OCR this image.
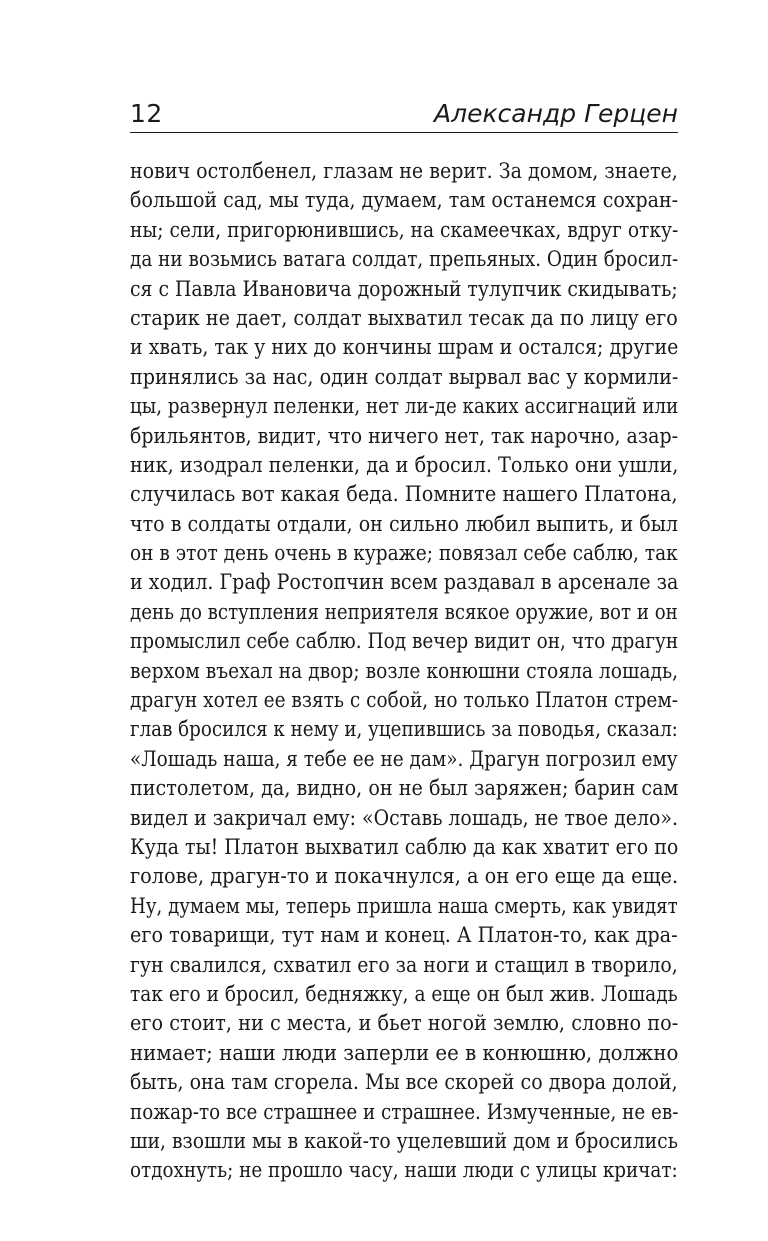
12	Александр Герцен
нович остолбенел, глазам не верит. За домом, знаете,
большой сад, мы туда, думаем, там останемся сохран-
ны; сели, пригорюнившись, на скамеечках, вдруг отку-
да ни возьмись ватага солдат, препьяных. Один бросил-
ся с Павла Ивановича дорожный тулупчик скидывать;
старик не дает, солдат выхватил тесак да по лицу его
и хвать, так у них до кончины шрам и остался; другие
принялись за нас, один солдат вырвал вас у кормили-
цы, развернул пеленки, нет ли-де каких ассигнаций или
брильянтов, видит, что ничего нет, так нарочно, азар-
ник, изодрал пеленки, да и бросил. Только они ушли,
случилась вот какая беда. Помните нашего Платона,
что в солдаты отдали, он сильно любил выпить, и был
он в этот день очень в кураже; повязал себе саблю, так
и ходил. Граф Ростопчин всем раздавал в арсенале за
день до вступления неприятеля всякое оружие, вот и он
промыслил себе саблю. Под вечер видит он, что драгун
верхом въехал на двор; возле конюшни стояла лошадь,
драгун хотел ее взять с собой, но только Платон стрем-
глав бросился к нему и, уцепившись за поводья, сказал:
«Лошадь наша, я тебе ее не дам». Драгун погрозил ему
пистолетом, да, видно, он не был заряжен; барин сам
видел и закричал ему: «Оставь лошадь, не твое дело».
Куда ты! Платон выхватил саблю да как хватит его по
голове, драгун-то и покачнулся, а он его еще да еще.
Ну, думаем мы, теперь пришла наша смерть, как увидят
его товарищи, тут нам и конец. А Платон-то, как дра-
гун свалился, схватил его за ноги и стащил в творило,
так его и бросил, бедняжку, а еще он был жив. Лошадь
его стоит, ни с места, и бьет ногой землю, словно по-
нимает; наши люди заперли ее в конюшню, должно
быть, она там сгорела. Мы все скорей со двора долой,
пожар-то все страшнее и страшнее. Измученные, не ев-
ши, взошли мы в какой-то уцелевший дом и бросились
отдохнуть; не прошло часу, наши люди с улицы кричат:
